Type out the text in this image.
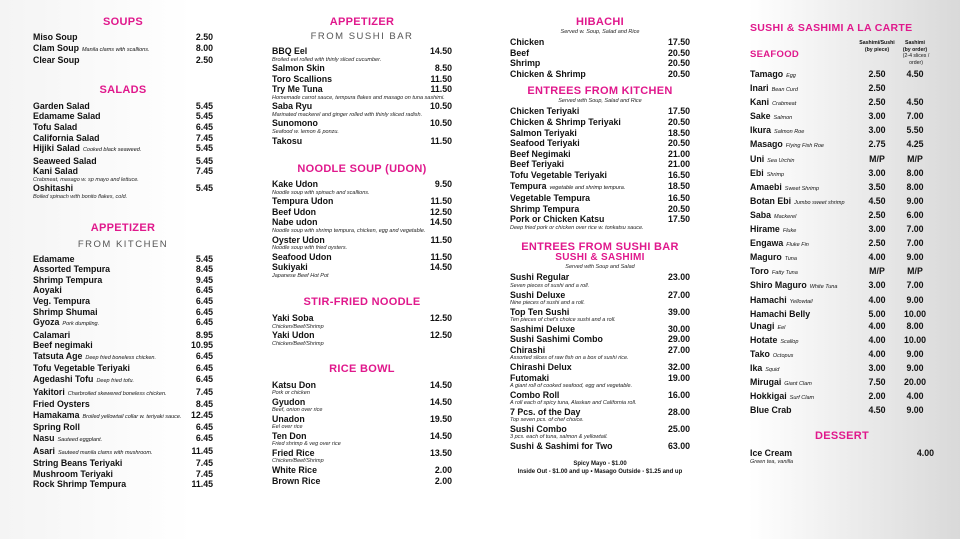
SOUPS
Miso Soup	2.50
Clam Soup Manila clams with scallions.	8.00
Clear Soup	2.50
SALADS
Garden Salad	5.45
Edamame Salad	5.45
Tofu Salad	6.45
California Salad	7.45
Hijiki Salad Cooked black seaweed.	5.45
Seaweed Salad	5.45
Kani Salad	7.45
Crabmeat, masago w. sp mayo and lettuce.
Oshitashi	5.45
Boiled spinach with bonito flakes, cold.
APPETIZER
FROM KITCHEN
Edamame	5.45
Assorted Tempura	8.45
Shrimp Tempura	9.45
Aoyaki	6.45
Veg. Tempura	6.45
Shrimp Shumai	6.45
Gyoza Pork dumpling.	6.45
Calamari	8.95
Beef negimaki	10.95
Tatsuta Age Deep fried boneless chicken.	6.45
Tofu Vegetable Teriyaki	6.45
Agedashi Tofu Deep fried tofu.	6.45
Yakitori Charbroiled skewered boneless chicken.	7.45
Fried Oysters	8.45
Hamakama Broiled yellowtail collar w. teriyaki sauce.	12.45
Spring Roll	6.45
Nasu Sauteed eggplant.	6.45
Asari Sauteed manila clams with mushroom.	11.45
String Beans Teriyaki	7.45
Mushroom Teriyaki	7.45
Rock Shrimp Tempura	11.45
APPETIZER
FROM SUSHI BAR
BBQ Eel	14.50
Broiled eel rolled with thinly sliced cucumber.
Salmon Skin	8.50
Toro Scallions	11.50
Try Me Tuna	11.50
Homemade carrot sauce, tempura flakes and masago on tuna sashimi.
Saba Ryu	10.50
Marinated mackerel and ginger rolled with thinly sliced radish.
Sunomono	10.50
Seafood w. lemon & ponzu.
Takosu	11.50
NOODLE SOUP (UDON)
Kake Udon	9.50
Noodle soup with spinach and scallions.
Tempura Udon	11.50
Beef Udon	12.50
Nabe udon	14.50
Noodle soup with shrimp tempura, chicken, egg and vegetable.
Oyster Udon	11.50
Noodle soup with fried oysters.
Seafood Udon	11.50
Sukiyaki	14.50
Japanese Beef Hot Pot
STIR-FRIED NOODLE
Yaki Soba	12.50
Chicken/Beef/Shrimp
Yaki Udon	12.50
Chicken/Beef/Shrimp
RICE BOWL
Katsu Don	14.50
Pork or chicken
Gyudon	14.50
Beef, onion over rice
Unadon	19.50
Eel over rice
Ten Don	14.50
Fried shrimp & veg over rice
Fried Rice	13.50
Chicken/Beef/Shrimp
White Rice	2.00
Brown Rice	2.00
HIBACHI
Served w. Soup, Salad and Rice
Chicken	17.50
Beef	20.50
Shrimp	20.50
Chicken & Shrimp	20.50
ENTREES FROM KITCHEN
Served with Soup, Salad and Rice
Chicken Teriyaki	17.50
Chicken & Shrimp Teriyaki	20.50
Salmon Teriyaki	18.50
Seafood Teriyaki	20.50
Beef Negimaki	21.00
Beef Teriyaki	21.00
Tofu Vegetable Teriyaki	16.50
Tempura vegetable and shrimp tempura.	18.50
Vegetable Tempura	16.50
Shrimp Tempura	20.50
Pork or Chicken Katsu	17.50
Deep fried pork or chicken over rice w. tonkatsu sauce.
ENTREES FROM SUSHI BAR
SUSHI & SASHIMI
Served with Soup and Salad
Sushi Regular	23.00
Seven pieces of sushi and a roll.
Sushi Deluxe	27.00
Nine pieces of sushi and a roll.
Top Ten Sushi	39.00
Ten pieces of chef's choice sushi and a roll.
Sashimi Deluxe	30.00
Sushi Sashimi Combo	29.00
Chirashi	27.00
Assorted slices of raw fish on a box of sushi rice.
Chirashi Delux	32.00
Futomaki	19.00
A giant roll of cooked seafood, egg and vegetable.
Combo Roll	16.00
A roll each of spicy tuna, Alaskan and California roll.
7 Pcs. of the Day	28.00
Top seven pcs. of chef choice.
Sushi Combo	25.00
3 pcs. each of tuna, salmon & yellowtail.
Sushi & Sashimi for Two	63.00
Spicy Mayo - $1.00
Inside Out - $1.00 and up • Masago Outside - $1.25 and up
SUSHI & SASHIMI A LA CARTE
SEAFOOD
Sashimi/Sushi
(by piece)
Sashimi
(by order)
(2-4 slices / order)
Tamago Egg	2.50	4.50
Inari Bean Curd	2.50
Kani Crabmeat	2.50	4.50
Sake Salmon	3.00	7.00
Ikura Salmon Roe	3.00	5.50
Masago Flying Fish Roe	2.75	4.25
Uni Sea Urchin	M/P	M/P
Ebi Shrimp	3.00	8.00
Amaebi Sweet Shrimp	3.50	8.00
Botan Ebi Jumbo sweet shrimp	4.50	9.00
Saba Mackerel	2.50	6.00
Hirame Fluke	3.00	7.00
Engawa Fluke Fin	2.50	7.00
Maguro Tuna	4.00	9.00
Toro Fatty Tuna	M/P	M/P
Shiro Maguro White Tuna	3.00	7.00
Hamachi Yellowtail	4.00	9.00
Hamachi Belly	5.00	10.00
Unagi Eel	4.00	8.00
Hotate Scallop	4.00	10.00
Tako Octopus	4.00	9.00
Ika Squid	3.00	9.00
Mirugai Giant Clam	7.50	20.00
Hokkigai Surf Clam	2.00	4.00
Blue Crab	4.50	9.00
DESSERT
Ice Cream	4.00
Green tea, vanilla
